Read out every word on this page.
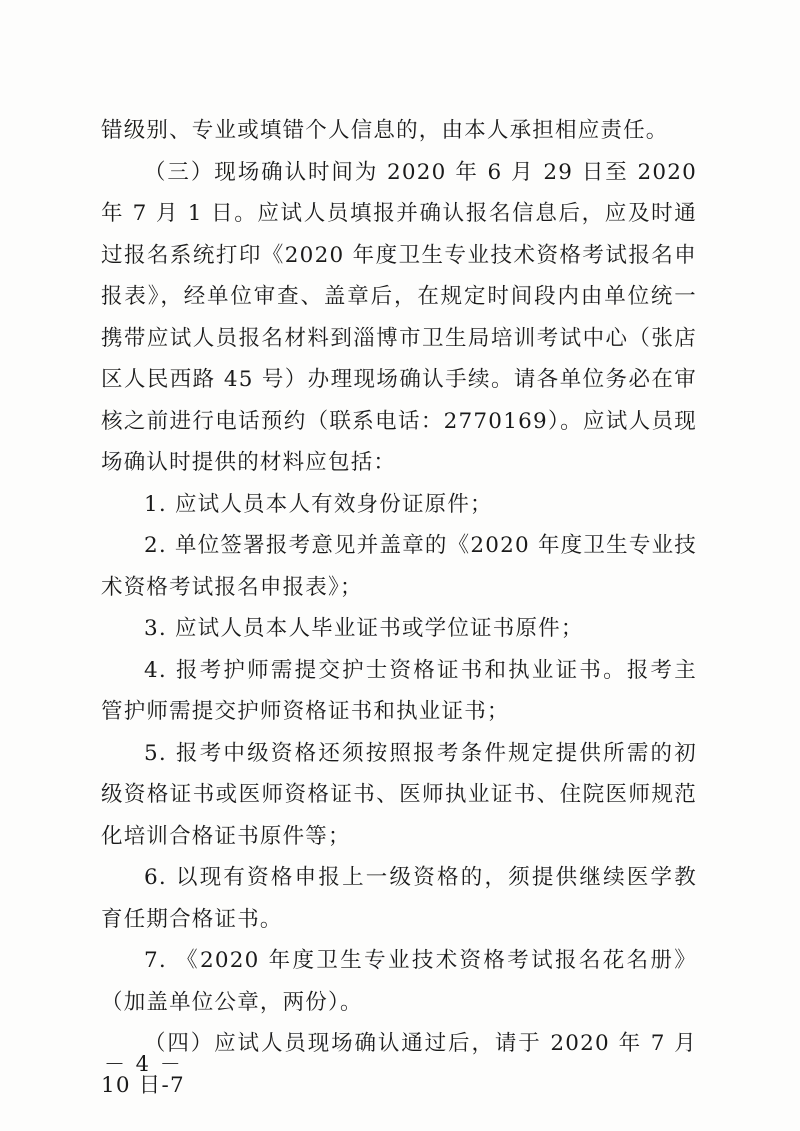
错级别、专业或填错个人信息的，由本人承担相应责任。

（三）现场确认时间为 2020 年 6 月 29 日至 2020 年 7 月 1 日。应试人员填报并确认报名信息后，应及时通过报名系统打印《2020 年度卫生专业技术资格考试报名申报表》，经单位审查、盖章后，在规定时间段内由单位统一携带应试人员报名材料到淄博市卫生局培训考试中心（张店区人民西路 45 号）办理现场确认手续。请各单位务必在审核之前进行电话预约（联系电话：2770169）。应试人员现场确认时提供的材料应包括：

1. 应试人员本人有效身份证原件；

2. 单位签署报考意见并盖章的《2020 年度卫生专业技术资格考试报名申报表》；

3. 应试人员本人毕业证书或学位证书原件；

4. 报考护师需提交护士资格证书和执业证书。报考主管护师需提交护师资格证书和执业证书；

5. 报考中级资格还须按照报考条件规定提供所需的初级资格证书或医师资格证书、医师执业证书、住院医师规范化培训合格证书原件等；

6. 以现有资格申报上一级资格的，须提供继续医学教育任期合格证书。

7. 《2020 年度卫生专业技术资格考试报名花名册》（加盖单位公章，两份）。

（四）应试人员现场确认通过后，请于 2020 年 7 月 10 日-7

－ 4 －
